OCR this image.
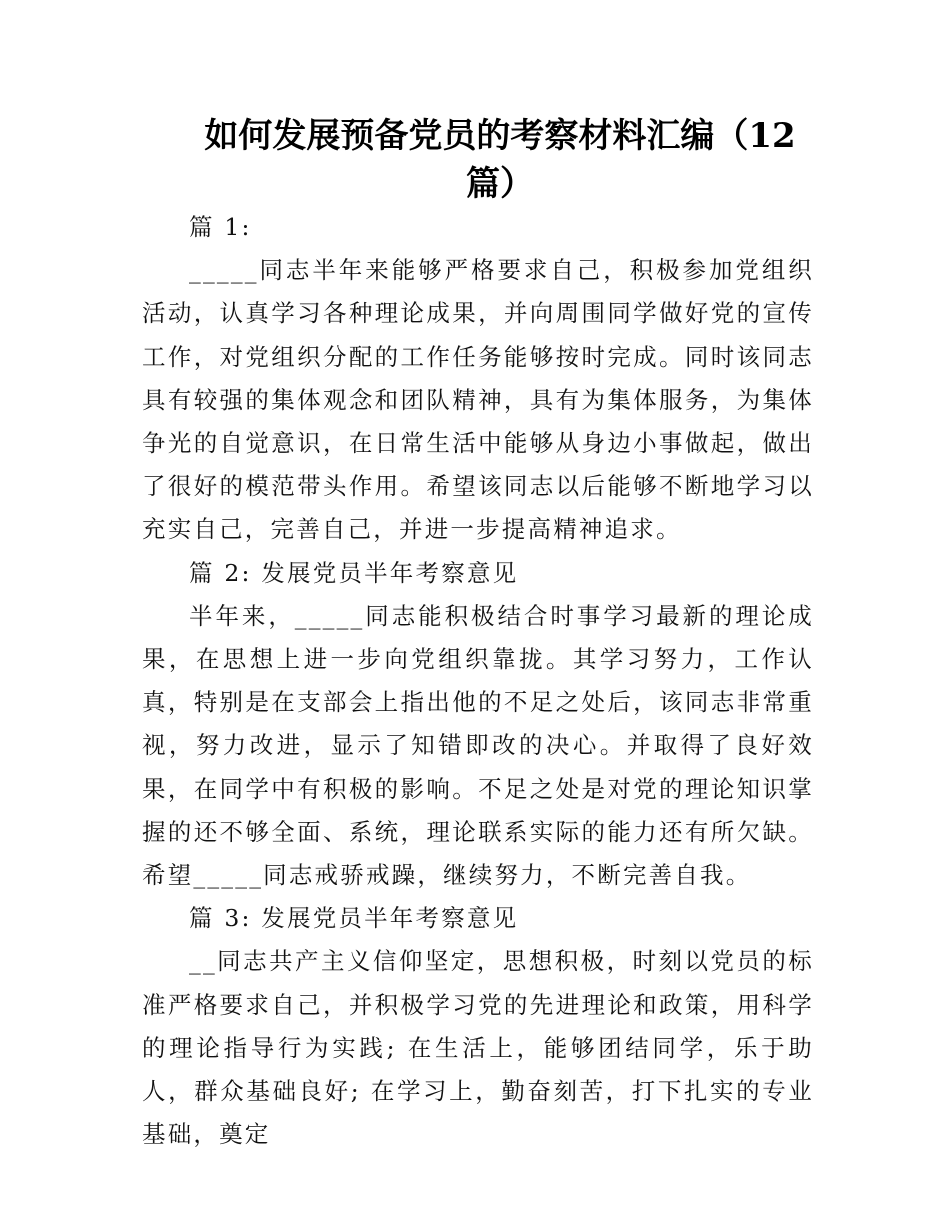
如何发展预备党员的考察材料汇编（12篇）

篇 1:

_____同志半年来能够严格要求自己，积极参加党组织活动，认真学习各种理论成果，并向周围同学做好党的宣传工作，对党组织分配的工作任务能够按时完成。同时该同志具有较强的集体观念和团队精神，具有为集体服务，为集体争光的自觉意识，在日常生活中能够从身边小事做起，做出了很好的模范带头作用。希望该同志以后能够不断地学习以充实自己，完善自己，并进一步提高精神追求。

篇 2: 发展党员半年考察意见

半年来，_____同志能积极结合时事学习最新的理论成果，在思想上进一步向党组织靠拢。其学习努力，工作认真，特别是在支部会上指出他的不足之处后，该同志非常重视，努力改进，显示了知错即改的决心。并取得了良好效果，在同学中有积极的影响。不足之处是对党的理论知识掌握的还不够全面、系统，理论联系实际的能力还有所欠缺。希望_____同志戒骄戒躁，继续努力，不断完善自我。

篇 3: 发展党员半年考察意见

__同志共产主义信仰坚定，思想积极，时刻以党员的标准严格要求自己，并积极学习党的先进理论和政策，用科学的理论指导行为实践; 在生活上，能够团结同学，乐于助人，群众基础良好; 在学习上，勤奋刻苦，打下扎实的专业基础，奠定
